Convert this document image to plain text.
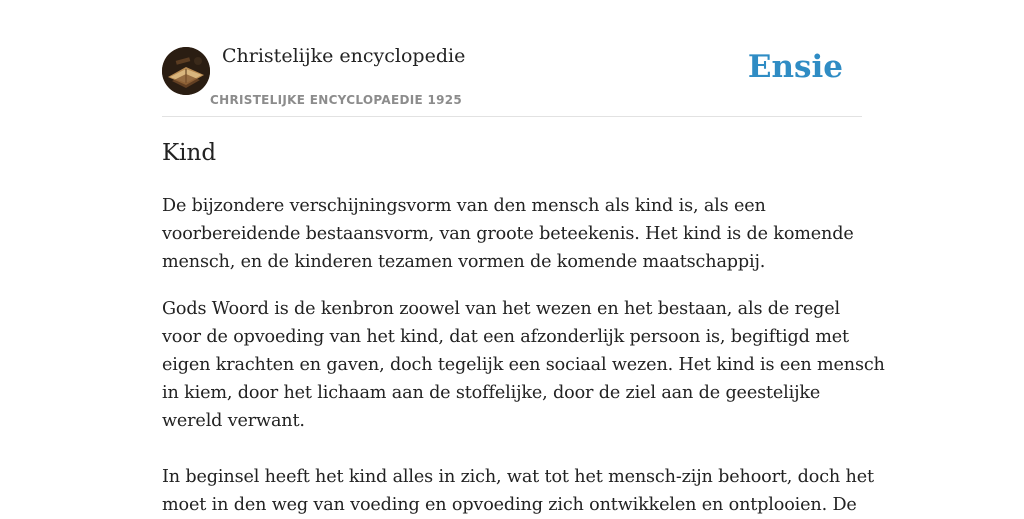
Christelijke encyclopedie
CHRISTELIJKE ENCYCLOPAEDIE 1925
Ensie
Kind

De bijzondere verschijningsvorm van den mensch als kind is, als een
voorbereidende bestaansvorm, van groote beteekenis. Het kind is de komende
mensch, en de kinderen tezamen vormen de komende maatschappij.

Gods Woord is de kenbron zoowel van het wezen en het bestaan, als de regel
voor de opvoeding van het kind, dat een afzonderlijk persoon is, begiftigd met
eigen krachten en gaven, doch tegelijk een sociaal wezen. Het kind is een mensch
in kiem, door het lichaam aan de stoffelijke, door de ziel aan de geestelijke
wereld verwant.

In beginsel heeft het kind alles in zich, wat tot het mensch-zijn behoort, doch het
moet in den weg van voeding en opvoeding zich ontwikkelen en ontplooien. De
